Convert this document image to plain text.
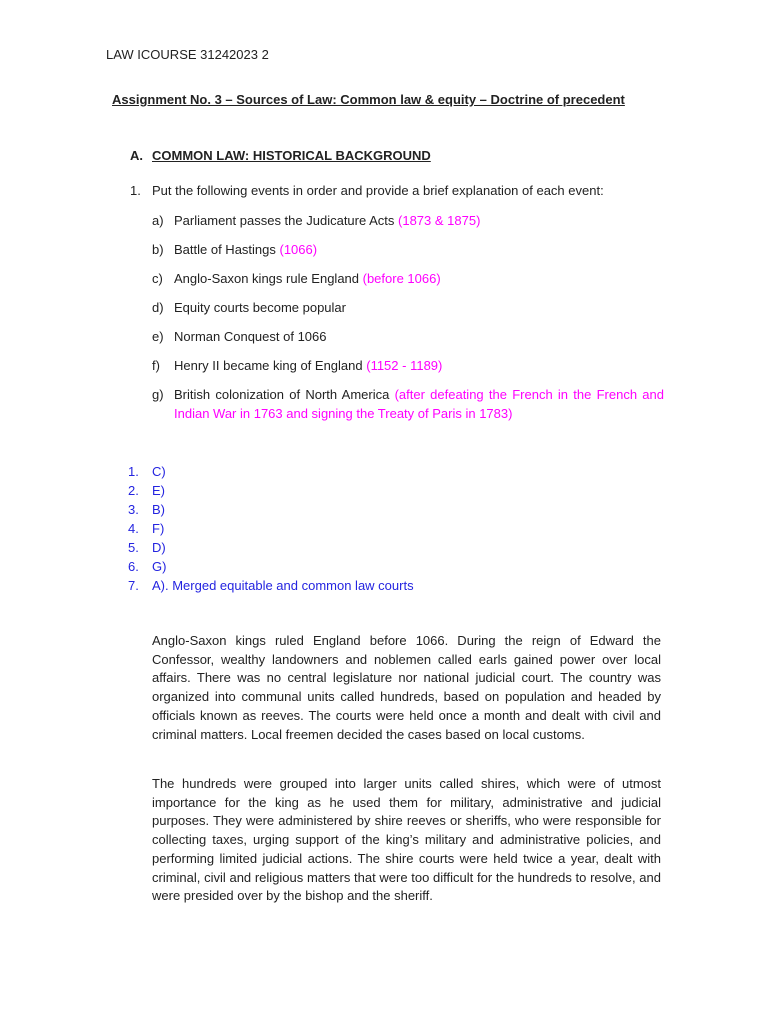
LAW ICOURSE 31242023 2
Assignment No. 3 – Sources of Law: Common law & equity – Doctrine of precedent
A. COMMON LAW: HISTORICAL BACKGROUND
1. Put the following events in order and provide a brief explanation of each event:
a) Parliament passes the Judicature Acts (1873 & 1875)
b) Battle of Hastings (1066)
c) Anglo-Saxon kings rule England (before 1066)
d) Equity courts become popular
e) Norman Conquest of 1066
f) Henry II became king of England (1152 - 1189)
g) British colonization of North America (after defeating the French in the French and Indian War in 1763 and signing the Treaty of Paris in 1783)
1. C)
2. E)
3. B)
4. F)
5. D)
6. G)
7. A). Merged equitable and common law courts

Anglo-Saxon kings ruled England before 1066. During the reign of Edward the Confessor, wealthy landowners and noblemen called earls gained power over local affairs. There was no central legislature nor national judicial court. The country was organized into communal units called hundreds, based on population and headed by officials known as reeves. The courts were held once a month and dealt with civil and criminal matters. Local freemen decided the cases based on local customs.

The hundreds were grouped into larger units called shires, which were of utmost importance for the king as he used them for military, administrative and judicial purposes. They were administered by shire reeves or sheriffs, who were responsible for collecting taxes, urging support of the king’s military and administrative policies, and performing limited judicial actions. The shire courts were held twice a year, dealt with criminal, civil and religious matters that were too difficult for the hundreds to resolve, and were presided over by the bishop and the sheriff.
